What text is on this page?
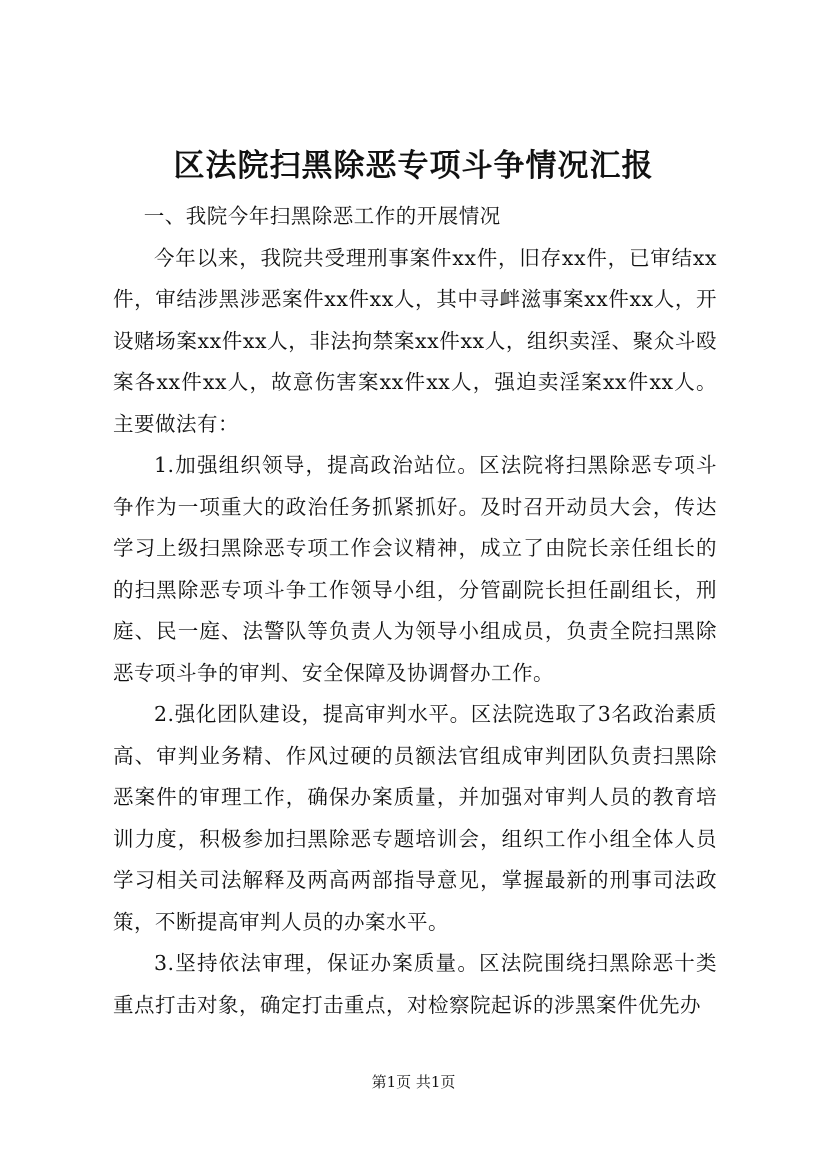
区法院扫黑除恶专项斗争情况汇报

一、我院今年扫黑除恶工作的开展情况

今年以来，我院共受理刑事案件xx件，旧存xx件，已审结xx件，审结涉黑涉恶案件xx件xx人，其中寻衅滋事案xx件xx人，开设赌场案xx件xx人，非法拘禁案xx件xx人，组织卖淫、聚众斗殴案各xx件xx人，故意伤害案xx件xx人，强迫卖淫案xx件xx人。主要做法有：

1.加强组织领导，提高政治站位。区法院将扫黑除恶专项斗争作为一项重大的政治任务抓紧抓好。及时召开动员大会，传达学习上级扫黑除恶专项工作会议精神，成立了由院长亲任组长的的扫黑除恶专项斗争工作领导小组，分管副院长担任副组长，刑庭、民一庭、法警队等负责人为领导小组成员，负责全院扫黑除恶专项斗争的审判、安全保障及协调督办工作。

2.强化团队建设，提高审判水平。区法院选取了3名政治素质高、审判业务精、作风过硬的员额法官组成审判团队负责扫黑除恶案件的审理工作，确保办案质量，并加强对审判人员的教育培训力度，积极参加扫黑除恶专题培训会，组织工作小组全体人员学习相关司法解释及两高两部指导意见，掌握最新的刑事司法政策，不断提高审判人员的办案水平。

3.坚持依法审理，保证办案质量。区法院围绕扫黑除恶十类重点打击对象，确定打击重点，对检察院起诉的涉黑案件优先办

第1页 共1页
